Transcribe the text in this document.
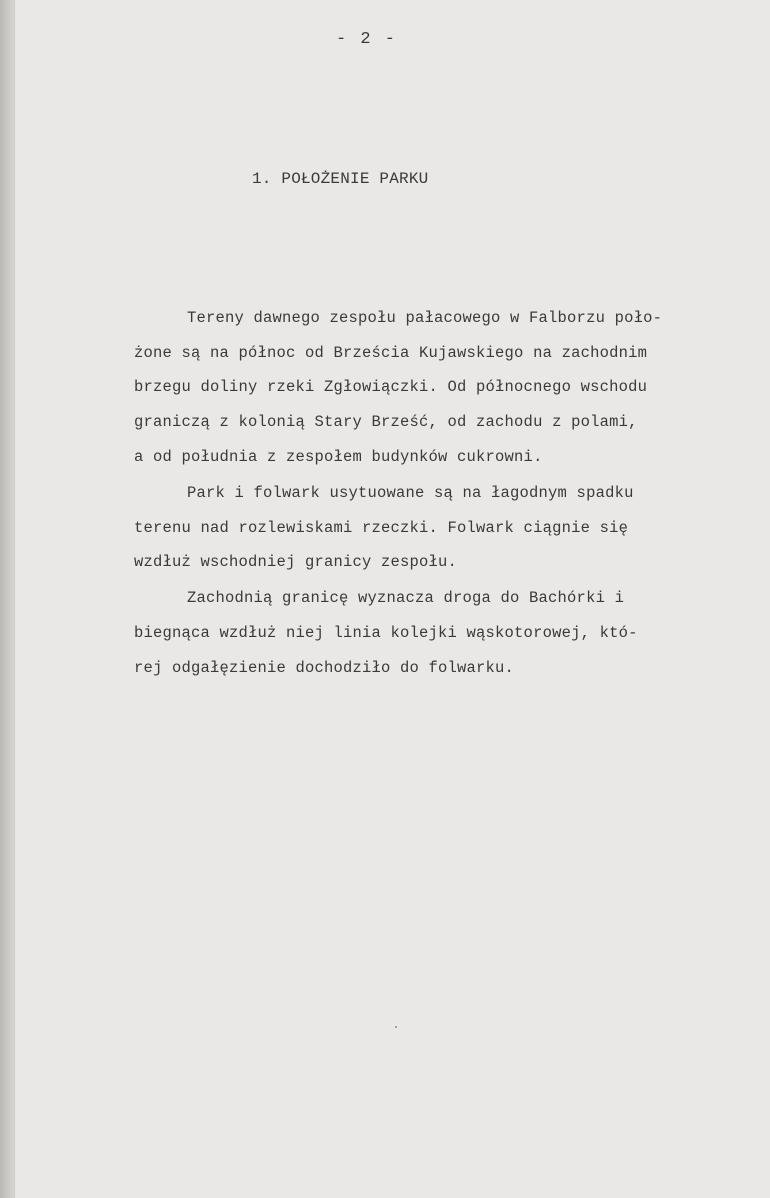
- 2 -
1. POŁOŻENIE PARKU
Tereny dawnego zespołu pałacowego w Falborzu poło-
żone są na północ od Brześcia Kujawskiego na zachodnim
brzegu doliny rzeki Zgłowiączki. Od północnego wschodu
graniczą z kolonią Stary Brześć, od zachodu z polami,
a od południa z zespołem budynków cukrowni.
Park i folwark usytuowane są na łagodnym spadku
terenu nad rozlewiskami rzeczki. Folwark ciągnie się
wzdłuż wschodniej granicy zespołu.
Zachodnią granicę wyznacza droga do Bachórki i
biegnąca wzdłuż niej linia kolejki wąskotorowej, któ-
rej odgałęzienie dochodziło do folwarku.
